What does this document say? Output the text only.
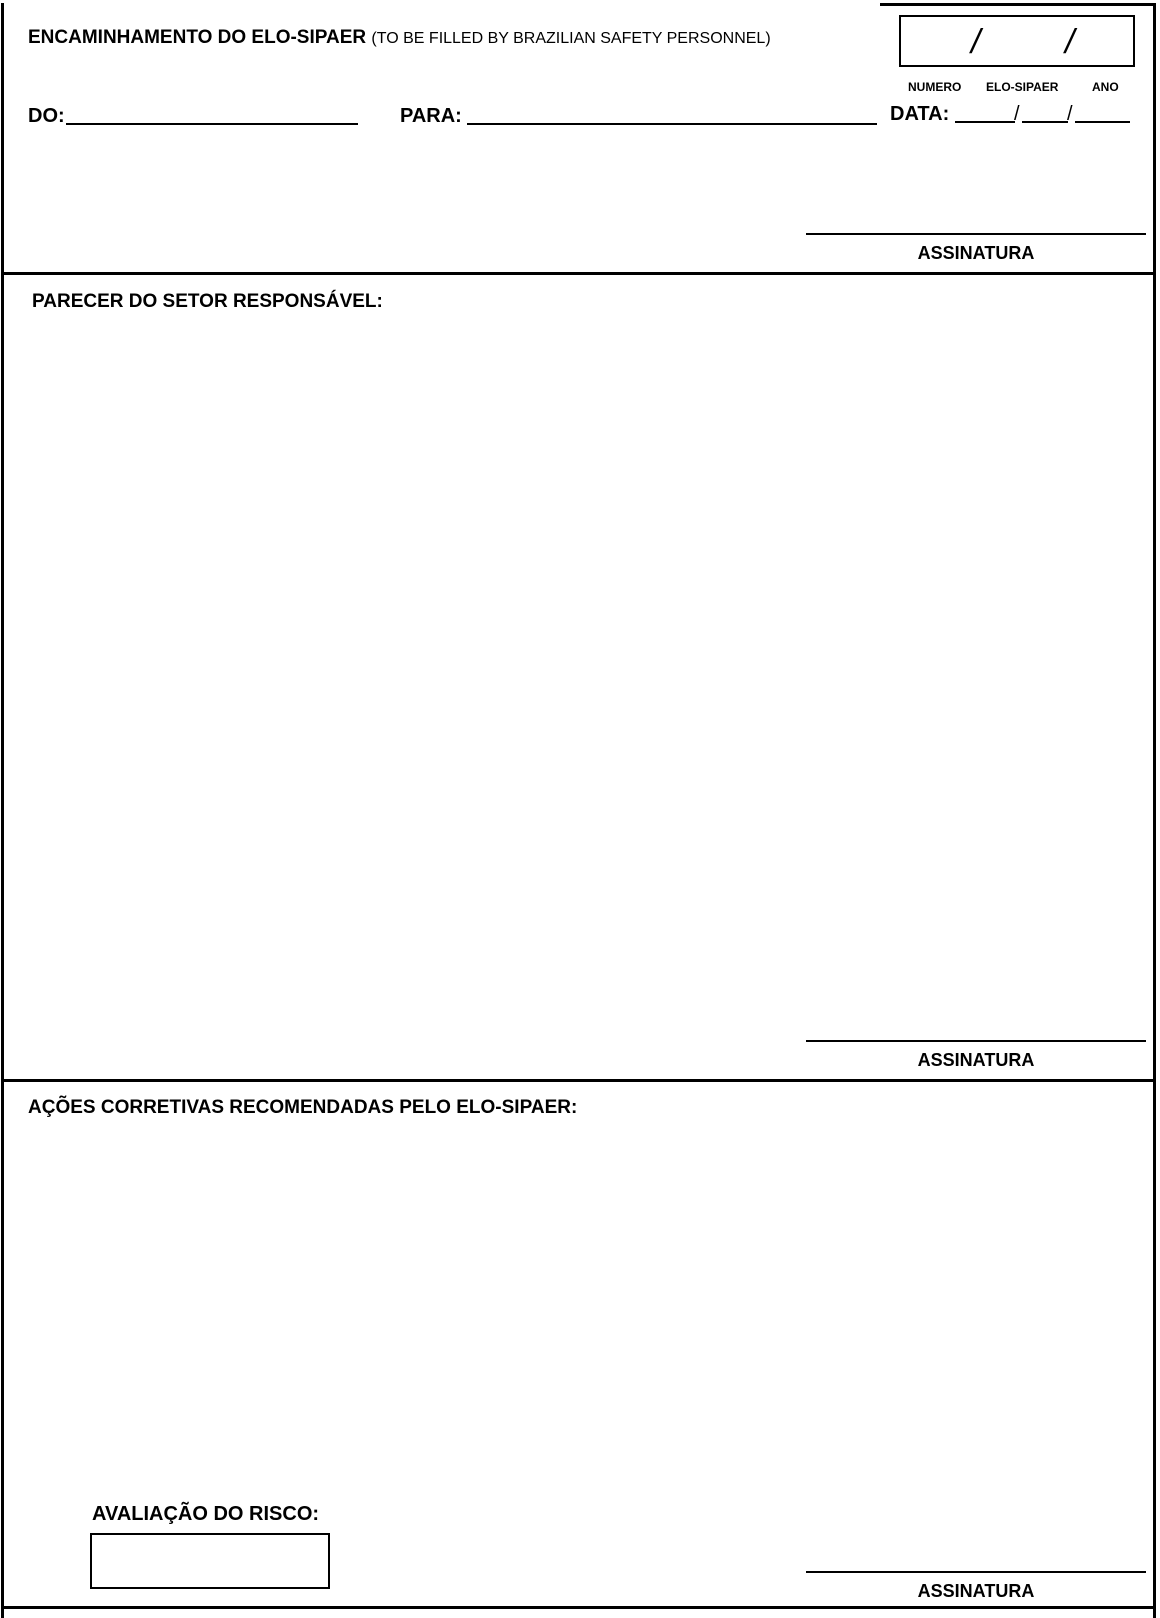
ENCAMINHAMENTO DO ELO-SIPAER (TO BE FILLED BY BRAZILIAN SAFETY PERSONNEL)	/ /
NUMERO ELO-SIPAER	ANO
DO:	PARA:	DATA:	/ /
ASSINATURA
PARECER DO SETOR RESPONSÁVEL:
ASSINATURA
AÇÕES CORRETIVAS RECOMENDADAS PELO ELO-SIPAER:
AVALIAÇÃO DO RISCO:
ASSINATURA
